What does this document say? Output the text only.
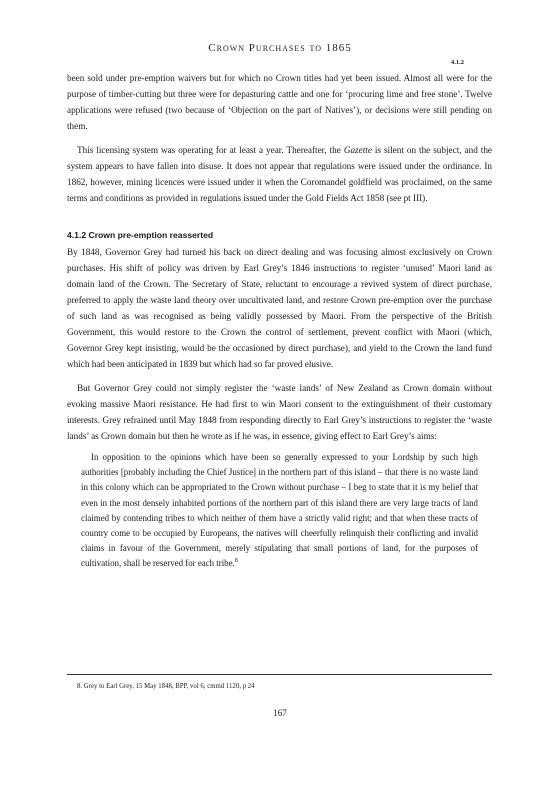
Crown Purchases to 1865
4.1.2

been sold under pre-emption waivers but for which no Crown titles had yet been issued. Almost all were for the purpose of timber-cutting but three were for depasturing cattle and one for ‘procuring lime and free stone’. Twelve applications were refused (two because of ‘Objection on the part of Natives’), or decisions were still pending on them.

This licensing system was operating for at least a year. Thereafter, the Gazette is silent on the subject, and the system appears to have fallen into disuse. It does not appear that regulations were issued under the ordinance. In 1862, however, mining licences were issued under it when the Coromandel goldfield was proclaimed, on the same terms and conditions as provided in regulations issued under the Gold Fields Act 1858 (see pt III).

4.1.2 Crown pre-emption reasserted

By 1848, Governor Grey had turned his back on direct dealing and was focusing almost exclusively on Crown purchases. His shift of policy was driven by Earl Grey’s 1846 instructions to register ‘unused’ Maori land as domain land of the Crown. The Secretary of State, reluctant to encourage a revived system of direct purchase, preferred to apply the waste land theory over uncultivated land, and restore Crown pre-emption over the purchase of such land as was recognised as being validly possessed by Maori. From the perspective of the British Government, this would restore to the Crown the control of settlement, prevent conflict with Maori (which, Governor Grey kept insisting, would be the occasioned by direct purchase), and yield to the Crown the land fund which had been anticipated in 1839 but which had so far proved elusive.

But Governor Grey could not simply register the ‘waste lands’ of New Zealand as Crown domain without evoking massive Maori resistance. He had first to win Maori consent to the extinguishment of their customary interests. Grey refrained until May 1848 from responding directly to Earl Grey’s instructions to register the ‘waste lands’ as Crown domain but then he wrote as if he was, in essence, giving effect to Earl Grey’s aims:

In opposition to the opinions which have been so generally expressed to your Lordship by such high authorities [probably including the Chief Justice] in the northern part of this island – that there is no waste land in this colony which can be appropriated to the Crown without purchase – I beg to state that it is my belief that even in the most densely inhabited portions of the northern part of this island there are very large tracts of land claimed by contending tribes to which neither of them have a strictly valid right; and that when these tracts of country come to be occupied by Europeans, the natives will cheerfully relinquish their conflicting and invalid claims in favour of the Government, merely stipulating that small portions of land, for the purposes of cultivation, shall be reserved for each tribe.$^8$

8. Grey to Earl Grey, 15 May 1848, BPP, vol 6, cmmd 1120, p 24
167
